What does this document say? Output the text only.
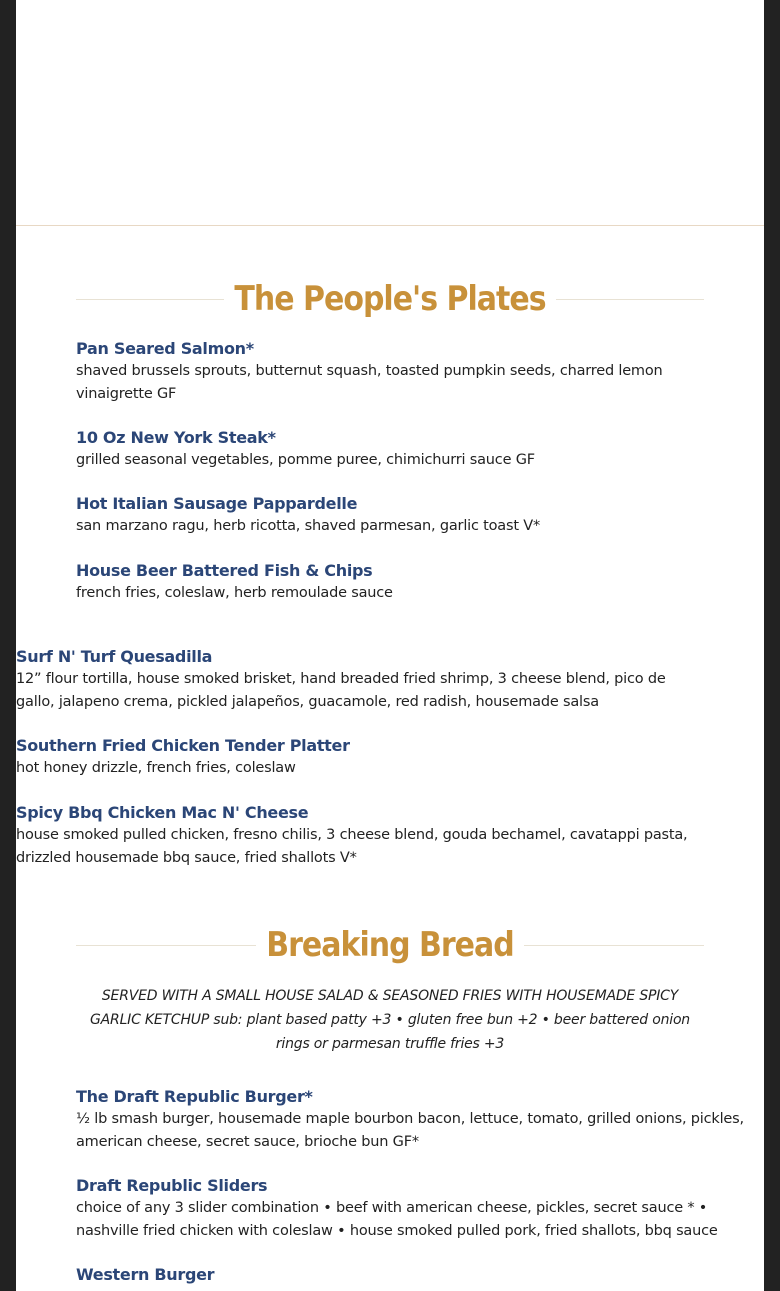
The People's Plates
Pan Seared Salmon*
shaved brussels sprouts, butternut squash, toasted pumpkin seeds, charred lemon vinaigrette GF
10 Oz New York Steak*
grilled seasonal vegetables, pomme puree, chimichurri sauce GF
Hot Italian Sausage Pappardelle
san marzano ragu, herb ricotta, shaved parmesan, garlic toast V*
House Beer Battered Fish & Chips
french fries, coleslaw, herb remoulade sauce
Surf N' Turf Quesadilla
12” flour tortilla, house smoked brisket, hand breaded fried shrimp, 3 cheese blend, pico de gallo, jalapeno crema, pickled jalapeños, guacamole, red radish, housemade salsa
Southern Fried Chicken Tender Platter
hot honey drizzle, french fries, coleslaw
Spicy Bbq Chicken Mac N' Cheese
house smoked pulled chicken, fresno chilis, 3 cheese blend, gouda bechamel, cavatappi pasta, drizzled housemade bbq sauce, fried shallots V*
Breaking Bread
SERVED WITH A SMALL HOUSE SALAD & SEASONED FRIES WITH HOUSEMADE SPICY GARLIC KETCHUP sub: plant based patty +3 • gluten free bun +2 • beer battered onion rings or parmesan truffle fries +3
The Draft Republic Burger*
½ lb smash burger, housemade maple bourbon bacon, lettuce, tomato, grilled onions, pickles, american cheese, secret sauce, brioche bun GF*
Draft Republic Sliders
choice of any 3 slider combination • beef with american cheese, pickles, secret sauce * • nashville fried chicken with coleslaw • house smoked pulled pork, fried shallots, bbq sauce
Western Burger
